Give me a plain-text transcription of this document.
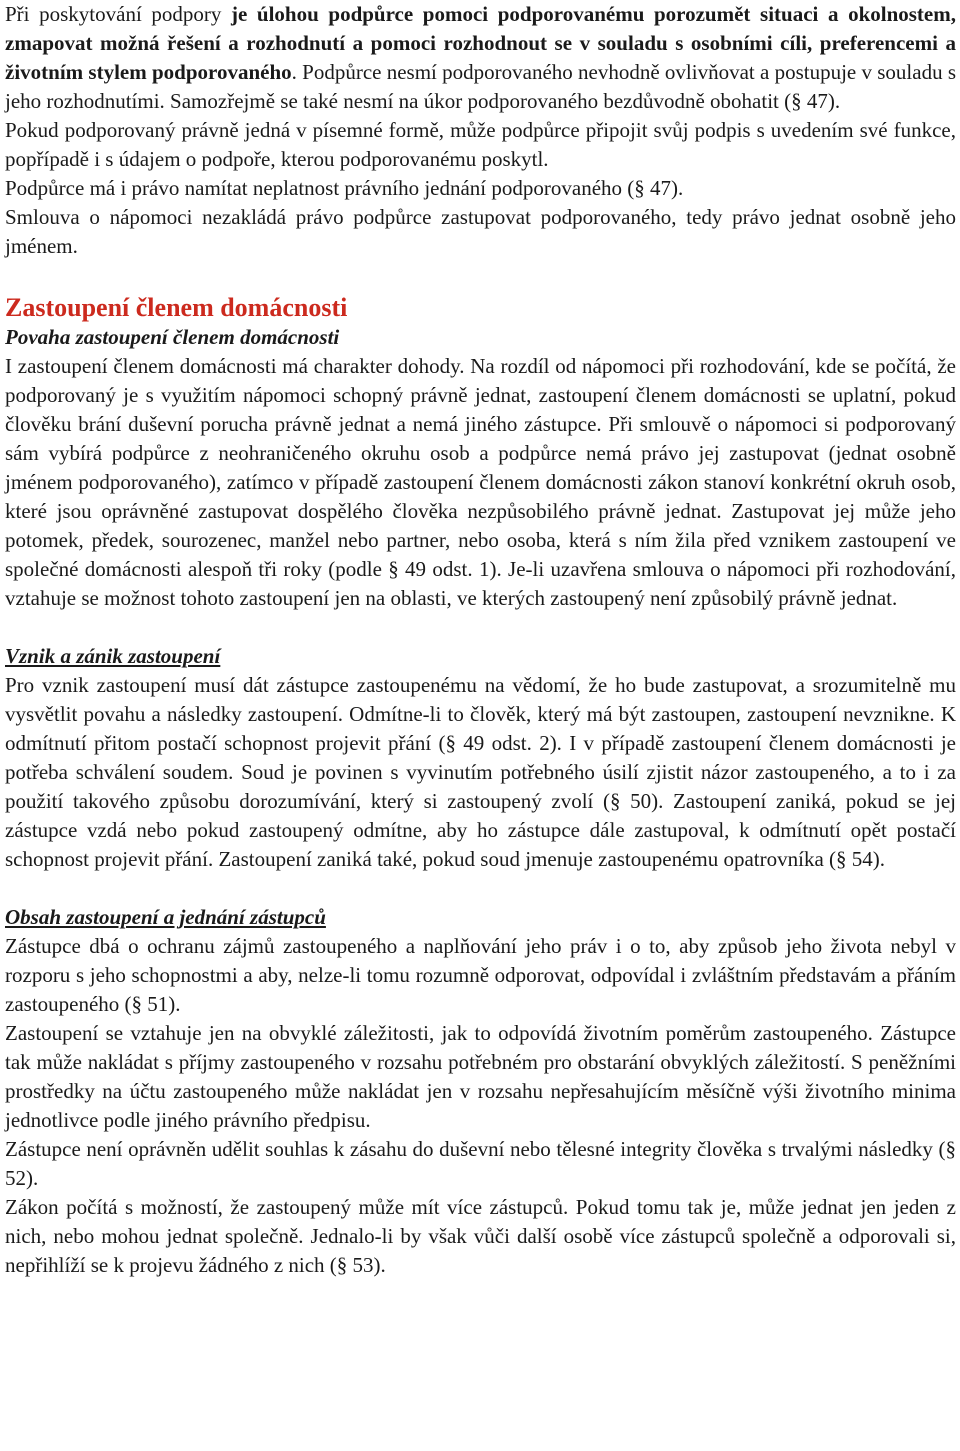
Při poskytování podpory je úlohou podpůrce pomoci podporovanému porozumět situaci a okolnostem, zmapovat možná řešení a rozhodnutí a pomoci rozhodnout se v souladu s osobními cíli, preferencemi a životním stylem podporovaného. Podpůrce nesmí podporovaného nevhodně ovlivňovat a postupuje v souladu s jeho rozhodnutími. Samozřejmě se také nesmí na úkor podporovaného bezdůvodně obohatit (§ 47).

Pokud podporovaný právně jedná v písemné formě, může podpůrce připojit svůj podpis s uvedením své funkce, popřípadě i s údajem o podpoře, kterou podporovanému poskytl.

Podpůrce má i právo namítat neplatnost právního jednání podporovaného (§ 47).

Smlouva o nápomoci nezakládá právo podpůrce zastupovat podporovaného, tedy právo jednat osobně jeho jménem.

Zastoupení členem domácnosti

Povaha zastoupení členem domácnosti

I zastoupení členem domácnosti má charakter dohody. Na rozdíl od nápomoci při rozhodování, kde se počítá, že podporovaný je s využitím nápomoci schopný právně jednat, zastoupení členem domácnosti se uplatní, pokud člověku brání duševní porucha právně jednat a nemá jiného zástupce. Při smlouvě o nápomoci si podporovaný sám vybírá podpůrce z neohraničeného okruhu osob a podpůrce nemá právo jej zastupovat (jednat osobně jménem podporovaného), zatímco v případě zastoupení členem domácnosti zákon stanoví konkrétní okruh osob, které jsou oprávněné zastupovat dospělého člověka nezpůsobilého právně jednat. Zastupovat jej může jeho potomek, předek, sourozenec, manžel nebo partner, nebo osoba, která s ním žila před vznikem zastoupení ve společné domácnosti alespoň tři roky (podle § 49 odst. 1). Je-li uzavřena smlouva o nápomoci při rozhodování, vztahuje se možnost tohoto zastoupení jen na oblasti, ve kterých zastoupený není způsobilý právně jednat.

Vznik a zánik zastoupení

Pro vznik zastoupení musí dát zástupce zastoupenému na vědomí, že ho bude zastupovat, a srozumitelně mu vysvětlit povahu a následky zastoupení. Odmítne-li to člověk, který má být zastoupen, zastoupení nevznikne. K odmítnutí přitom postačí schopnost projevit přání (§ 49 odst. 2). I v případě zastoupení členem domácnosti je potřeba schválení soudem. Soud je povinen s vyvinutím potřebného úsilí zjistit názor zastoupeného, a to i za použití takového způsobu dorozumívání, který si zastoupený zvolí (§ 50). Zastoupení zaniká, pokud se jej zástupce vzdá nebo pokud zastoupený odmítne, aby ho zástupce dále zastupoval, k odmítnutí opět postačí schopnost projevit přání. Zastoupení zaniká také, pokud soud jmenuje zastoupenému opatrovníka (§ 54).

Obsah zastoupení a jednání zástupců

Zástupce dbá o ochranu zájmů zastoupeného a naplňování jeho práv i o to, aby způsob jeho života nebyl v rozporu s jeho schopnostmi a aby, nelze-li tomu rozumně odporovat, odpovídal i zvláštním představám a přáním zastoupeného (§ 51).

Zastoupení se vztahuje jen na obvyklé záležitosti, jak to odpovídá životním poměrům zastoupeného. Zástupce tak může nakládat s příjmy zastoupeného v rozsahu potřebném pro obstarání obvyklých záležitostí. S peněžními prostředky na účtu zastoupeného může nakládat jen v rozsahu nepřesahujícím měsíčně výši životního minima jednotlivce podle jiného právního předpisu.

Zástupce není oprávněn udělit souhlas k zásahu do duševní nebo tělesné integrity člověka s trvalými následky (§ 52).

Zákon počítá s možností, že zastoupený může mít více zástupců. Pokud tomu tak je, může jednat jen jeden z nich, nebo mohou jednat společně. Jednalo-li by však vůči další osobě více zástupců společně a odporovali si, nepřihlíží se k projevu žádného z nich (§ 53).
